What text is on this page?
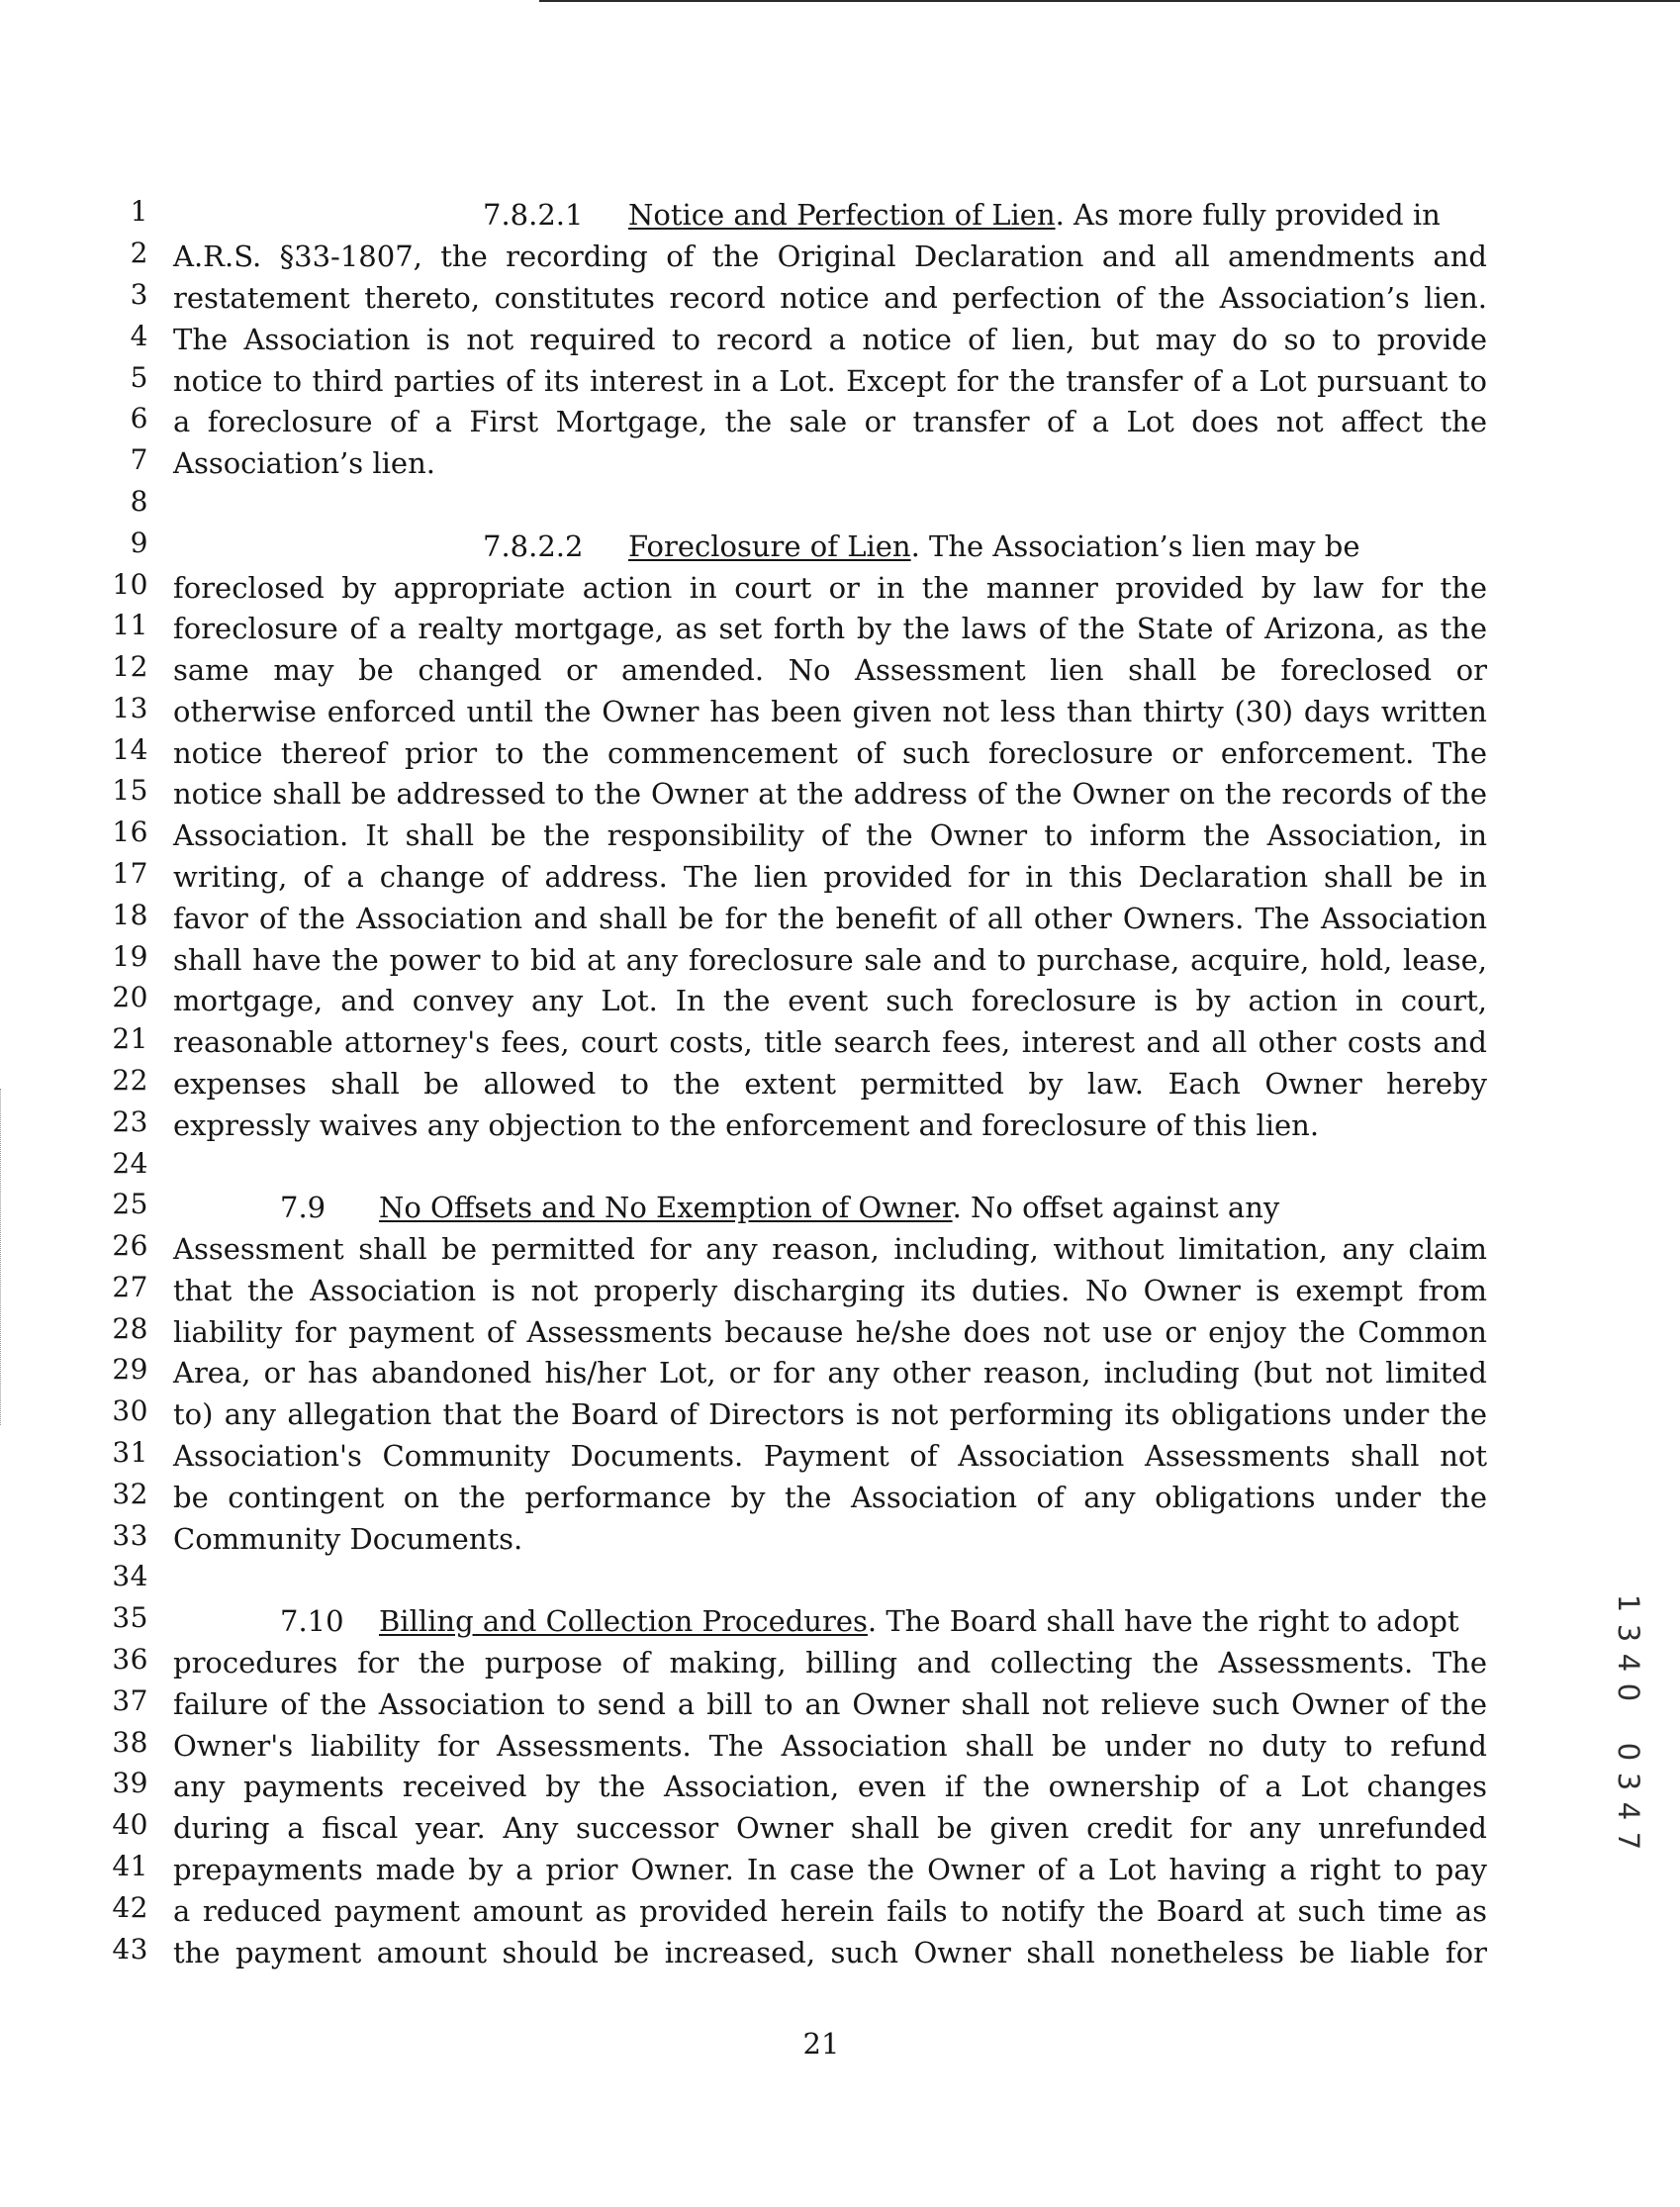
1
2
3
4
5
6
7
8
9
10
11
12
13
14
15
16
17
18
19
20
21
22
23
24
25
26
27
28
29
30
31
32
33
34
35
36
37
38
39
40
41
42
43
7.8.2.1 Notice and Perfection of Lien. As more fully provided in
A.R.S. §33-1807, the recording of the Original Declaration and all amendments and
restatement thereto, constitutes record notice and perfection of the Association’s lien.
The Association is not required to record a notice of lien, but may do so to provide
notice to third parties of its interest in a Lot. Except for the transfer of a Lot pursuant to
a foreclosure of a First Mortgage, the sale or transfer of a Lot does not affect the
Association’s lien.
7.8.2.2 Foreclosure of Lien. The Association’s lien may be
foreclosed by appropriate action in court or in the manner provided by law for the
foreclosure of a realty mortgage, as set forth by the laws of the State of Arizona, as the
same may be changed or amended. No Assessment lien shall be foreclosed or
otherwise enforced until the Owner has been given not less than thirty (30) days written
notice thereof prior to the commencement of such foreclosure or enforcement. The
notice shall be addressed to the Owner at the address of the Owner on the records of the
Association. It shall be the responsibility of the Owner to inform the Association, in
writing, of a change of address. The lien provided for in this Declaration shall be in
favor of the Association and shall be for the benefit of all other Owners. The Association
shall have the power to bid at any foreclosure sale and to purchase, acquire, hold, lease,
mortgage, and convey any Lot. In the event such foreclosure is by action in court,
reasonable attorney's fees, court costs, title search fees, interest and all other costs and
expenses shall be allowed to the extent permitted by law. Each Owner hereby
expressly waives any objection to the enforcement and foreclosure of this lien.
7.9 No Offsets and No Exemption of Owner. No offset against any
Assessment shall be permitted for any reason, including, without limitation, any claim
that the Association is not properly discharging its duties. No Owner is exempt from
liability for payment of Assessments because he/she does not use or enjoy the Common
Area, or has abandoned his/her Lot, or for any other reason, including (but not limited
to) any allegation that the Board of Directors is not performing its obligations under the
Association's Community Documents. Payment of Association Assessments shall not
be contingent on the performance by the Association of any obligations under the
Community Documents.
7.10 Billing and Collection Procedures. The Board shall have the right to adopt
procedures for the purpose of making, billing and collecting the Assessments. The
failure of the Association to send a bill to an Owner shall not relieve such Owner of the
Owner's liability for Assessments. The Association shall be under no duty to refund
any payments received by the Association, even if the ownership of a Lot changes
during a fiscal year. Any successor Owner shall be given credit for any unrefunded
prepayments made by a prior Owner. In case the Owner of a Lot having a right to pay
a reduced payment amount as provided herein fails to notify the Board at such time as
the payment amount should be increased, such Owner shall nonetheless be liable for
21
1
3
4
0
0
3
4
7
